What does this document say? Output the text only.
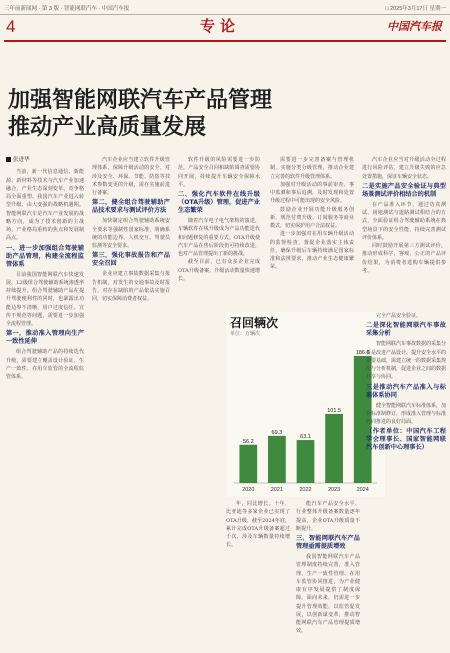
三年前新闻网 · 第 3 版 · 智能网联汽车 · 中国汽车报	□ 2025年3月17日 星期一
4	专论	中国汽车报
加强智能网联汽车产品管理
推动产业高质量发展
张进华

当前，新一代信息通信、新能源、新材料等技术与汽车产业加速融合，产业生态深刻变革，竞争格局全面重塑，我国汽车产业进入转型升级、由大变强的战略机遇期。智能网联汽车是汽车产业发展的战略方向，成为了技术创新的主战场，产业格局重构的焦点和发展制高点。

一、进一步加强组合驾驶辅助产品管理，构建全流程监管体系

目前我国智能网联汽车快速发展，L2级组合驾驶辅助系统渗透率持续提升。组合驾驶辅助产品在提升驾驶便利性的同时，也暴露出功能边界不清晰、用户过度信任、宣传不规范等问题，需要进一步加强全流程管理。

第一，推动准入管理向生产一致性延伸

组合驾驶辅助产品的持续迭代升级，需要建立覆盖设计验证、生产一致性、在用车监管的全流程监管体系。

汽车企业应当建立软件升级管理体系，保障升级活动的安全，对涉及安全、环保、节能、防盗等技术参数变更的升级，需在实施前进行备案。

第二，健全组合驾驶辅助产品技术要求与测试评价方法

加快制定组合驾驶辅助系统安全要求等强制性国家标准，明确系统的功能边界、人机交互、驾驶员监测等安全要求。

第三，强化事故报告和产品安全召回

企业应建立事故数据采集与报告机制，对发生的交通事故及时报告，对存在缺陷的产品依法实施召回，切实保障消费者权益。

软件升级的风险需要进一步防范。产品安全召回和缺陷调查需要协同开展，持续提升车辆安全保障水平。

二、强化汽车软件在线升级（OTA升级）管理，促进产业生态繁荣

随着汽车电子电气架构的演进，车辆软件在线升级成为产品功能迭代和问题修复的重要方式。OTA升级使汽车产品在售后阶段仍可持续改进，也对产品管理提出了新的挑战。

截至目前，已有众多企业完成OTA升级备案，升级活动数量快速增长。

需要进一步完善备案与管理机制，实施分类分级管理，推动企业建立完善的软件升级管理体系。

加强对升级活动的事前审查、事中监测和事后追溯，及时发现和处置升级过程中可能出现的安全风险。

鼓励企业开展功能升级服务创新，规范付费升级、订阅服务等商业模式，切实保护用户合法权益。

进一步加强对在用车辆升级活动的监督检查，督促企业落实主体责任，确保升级后车辆持续满足国家标准和法规要求，推动产业生态健康繁荣。

汽车企业应当对升级活动全过程进行风险评估，建立升级失败的应急处置措施，保证车辆安全状态。

二是实施产品安全验证与典型场景测试评价相结合的机制

在产品准入环节，通过仿真测试、场地测试与道路测试相结合的方式，全面验证组合驾驶辅助系统在典型场景下的安全性能，持续完善测试评价体系。

同时鼓励开展第三方测试评价，推动形成科学、客观、公正的产品评价结果，为消费者选购车辆提供参考。

召回辆次
单位：万辆次
56.2
2020
69.3
2021
63.1
2022
101.5
2023
186.6
2024

年，同比增长。十年，比亚迪等多家企业已实现了OTA升级，截至2024年底，累计完成OTA升级备案超过千次，涉及车辆数量持续增长。

能汽车产品安全水平，行业整体升级备案数量逐年提高，企业OTA升级质量不断提升。

三、智能网联汽车产品管理亟需提质增效

我国智能网联汽车产品管理制度持续完善，准入管理、生产一致性管理、在用车监管协同推进，为产业健康有序发展提供了制度保障。面向未来，仍需进一步提升管理效能，以监管促发展，以创新谋变革，推动智能网联汽车产品管理提质增效。

完全产品安全验证。

二是深化智能网联汽车事故采集分析

智能网联汽车事故数据的采集分析是改进产品设计、提升安全水平的重要基础，需建立统一的数据采集规范与分析机制，促进企业之间的数据共享与协同。

三是推动汽车产品准入与标准体系协同

健全智能网联汽车标准体系，加快标准制修订，形成准入管理与标准协同推进的良好局面。

（作者单位：中国汽车工程学会理事长、国家智能网联汽车创新中心理事长）
